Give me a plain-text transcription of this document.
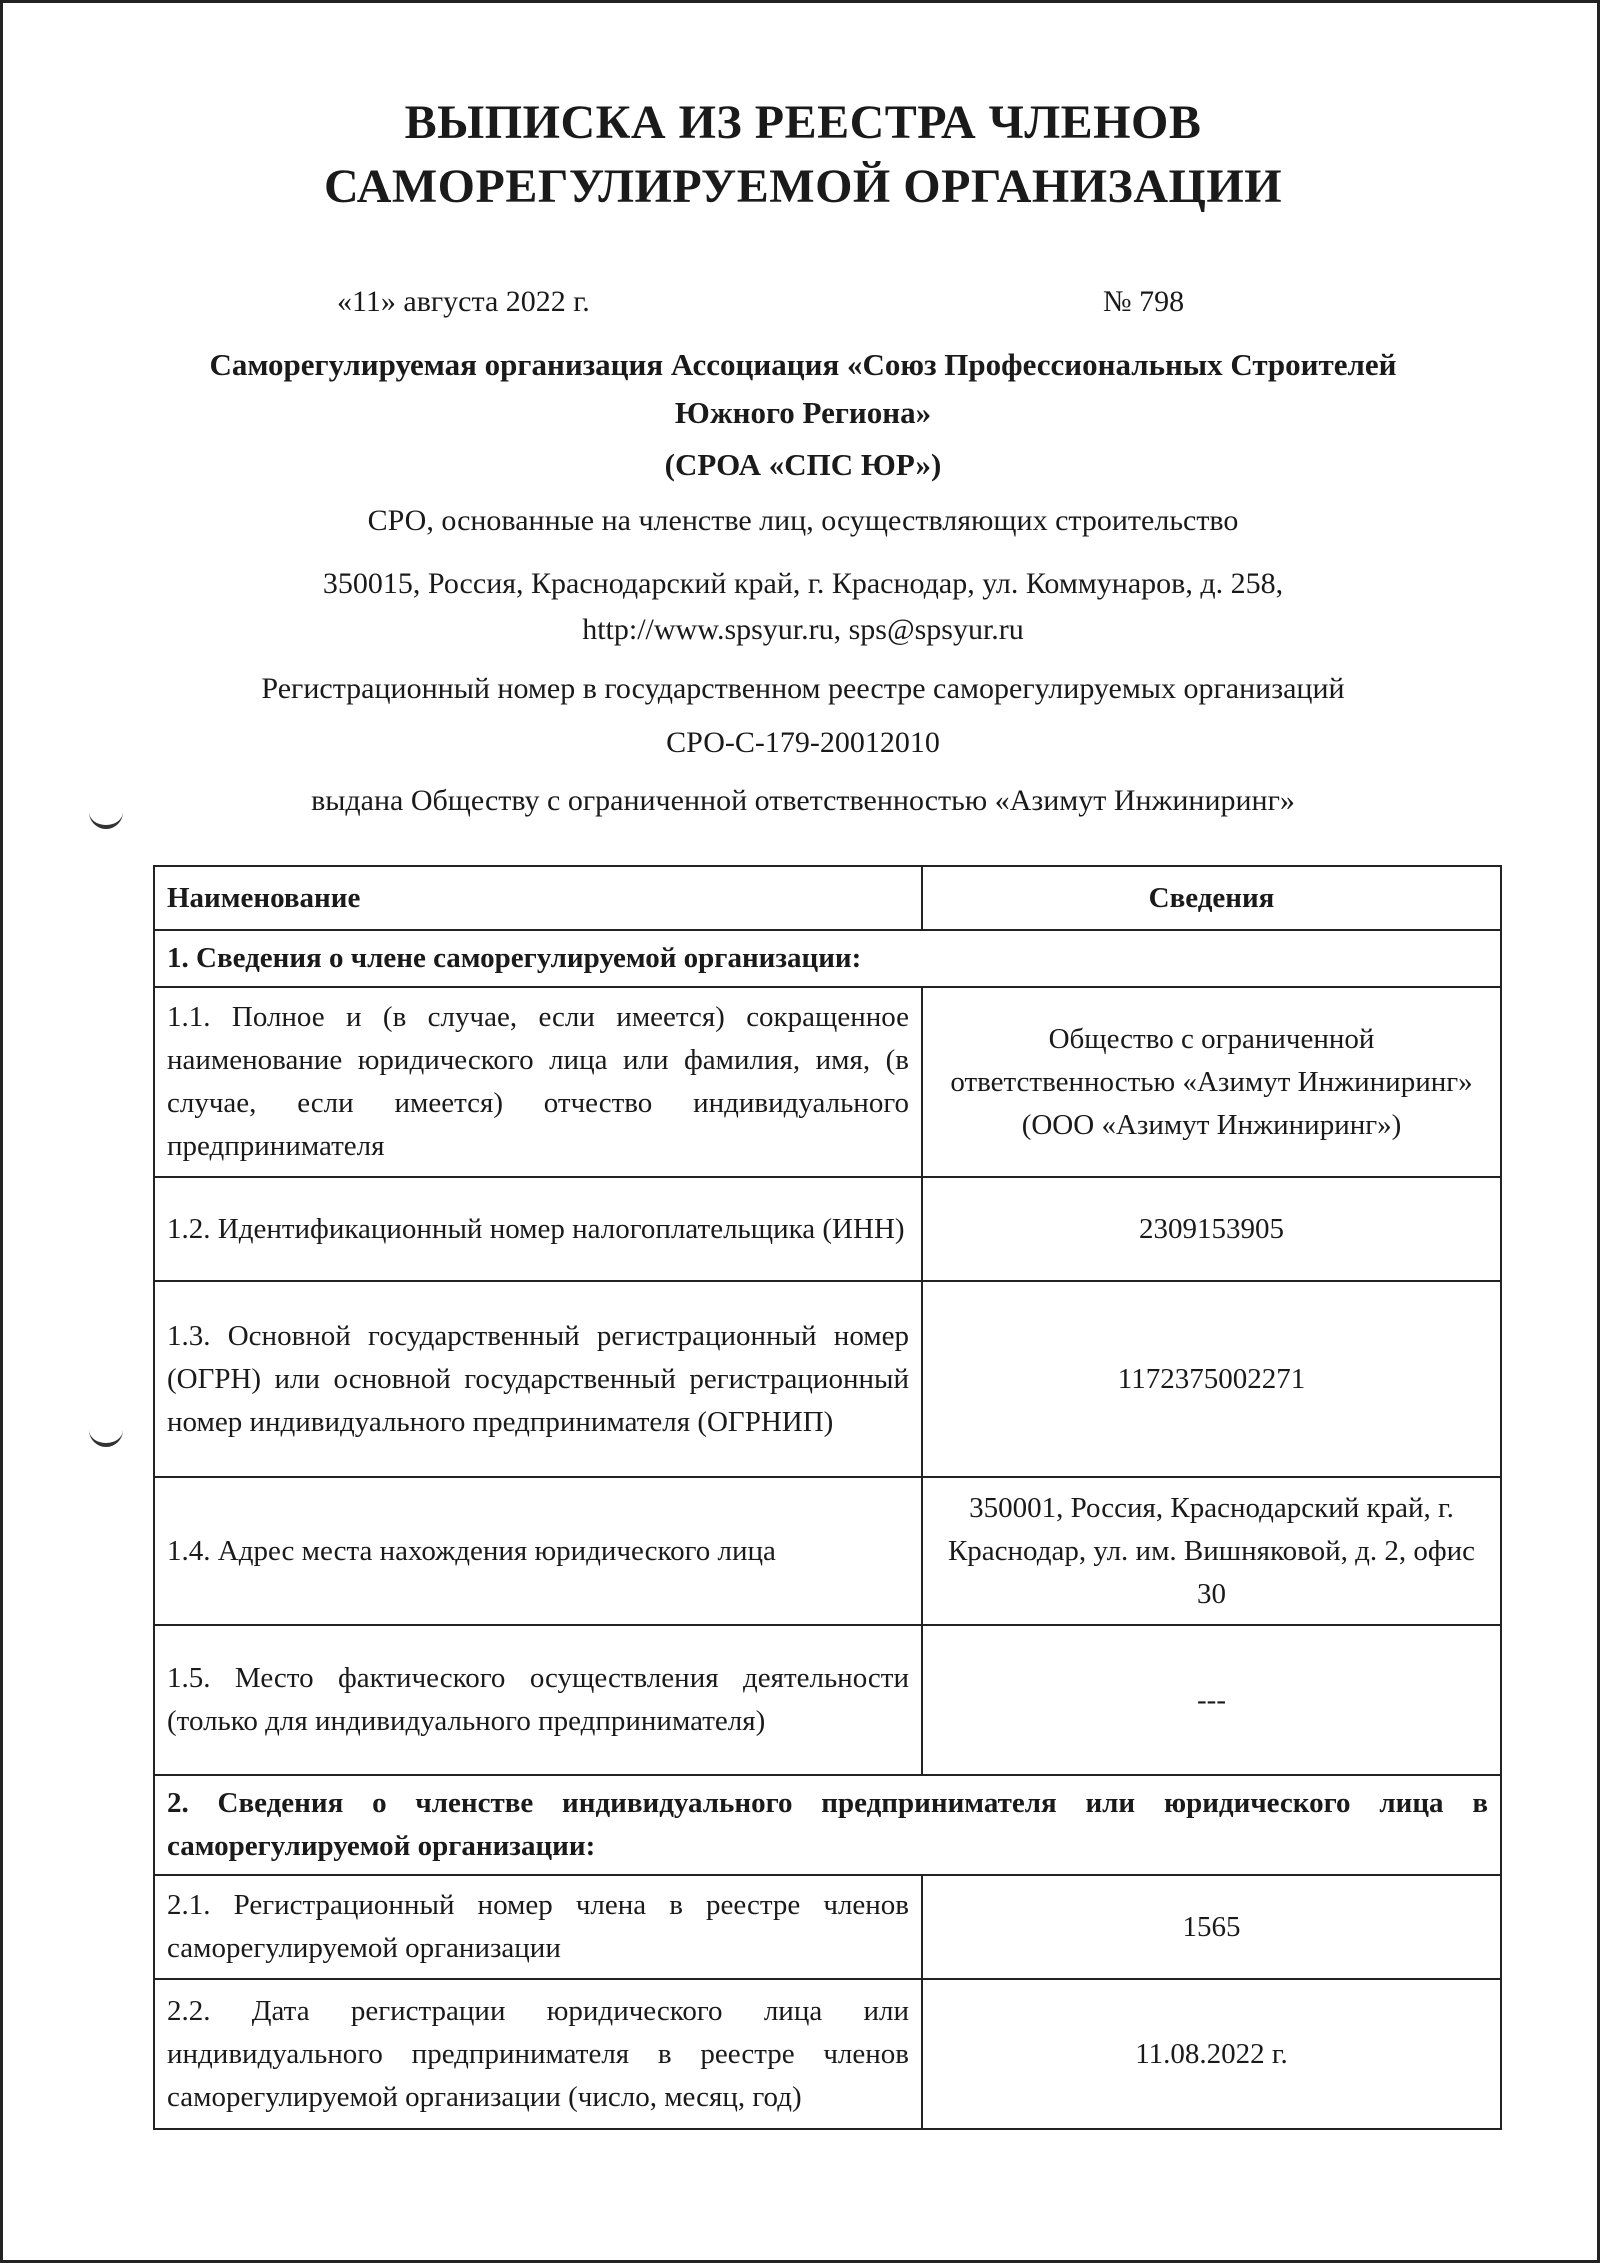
ВЫПИСКА ИЗ РЕЕСТРА ЧЛЕНОВ САМОРЕГУЛИРУЕМОЙ ОРГАНИЗАЦИИ
«11» августа 2022 г.	№ 798
Саморегулируемая организация Ассоциация «Союз Профессиональных Строителей Южного Региона»
(СРОА «СПС ЮР»)
СРО, основанные на членстве лиц, осуществляющих строительство
350015, Россия, Краснодарский край, г. Краснодар, ул. Коммунаров, д. 258,
http://www.spsyur.ru, sps@spsyur.ru
Регистрационный номер в государственном реестре саморегулируемых организаций
СРО-С-179-20012010
выдана Обществу с ограниченной ответственностью «Азимут Инжиниринг»
Наименование	Сведения
1. Сведения о члене саморегулируемой организации:	
1.1. Полное и (в случае, если имеется) сокращенное наименование юридического лица или фамилия, имя, (в случае, если имеется) отчество индивидуального предпринимателя	Общество с ограниченной ответственностью «Азимут Инжиниринг» (ООО «Азимут Инжиниринг»)
1.2. Идентификационный номер налогоплательщика (ИНН)	2309153905
1.3. Основной государственный регистрационный номер (ОГРН) или основной государственный регистрационный номер индивидуального предпринимателя (ОГРНИП)	1172375002271
1.4. Адрес места нахождения юридического лица	350001, Россия, Краснодарский край, г. Краснодар, ул. им. Вишняковой, д. 2, офис 30
1.5. Место фактического осуществления деятельности (только для индивидуального предпринимателя)	---
2. Сведения о членстве индивидуального предпринимателя или юридического лица в саморегулируемой организации:	
2.1. Регистрационный номер члена в реестре членов саморегулируемой организации	1565
2.2. Дата регистрации юридического лица или индивидуального предпринимателя в реестре членов саморегулируемой организации (число, месяц, год)	11.08.2022 г.
